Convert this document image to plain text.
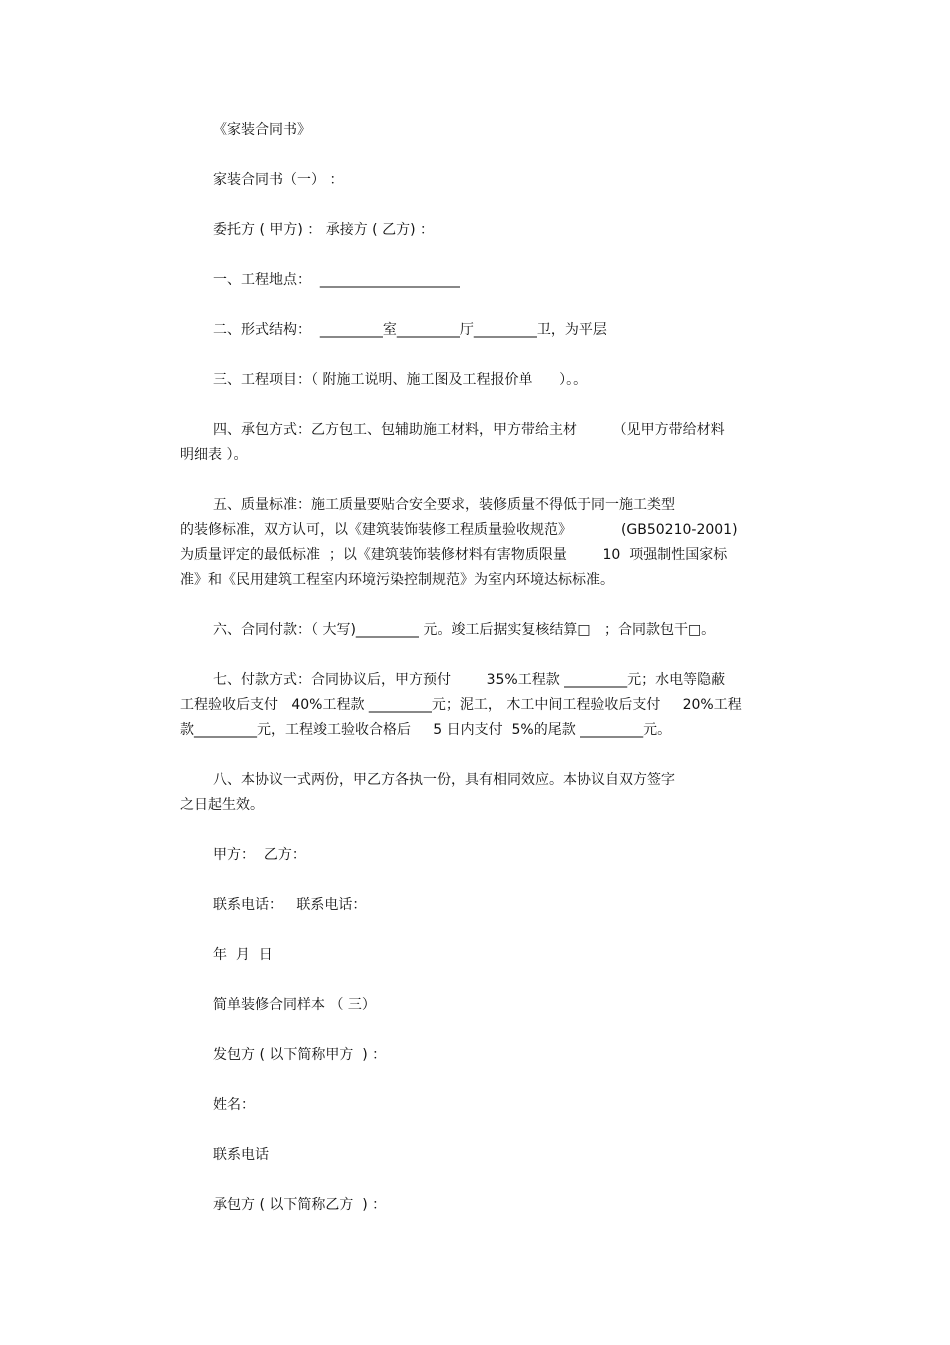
《家装合同书》
家装合同书（一） ：
委托方 ( 甲方) ： 承接方 ( 乙方) ：
一、工程地点：  ____________________
二、形式结构：  _________室_________厅_________卫，为平层
三、工程项目：（ 附施工说明、施工图及工程报价单      ）。。
四、承包方式：乙方包工、包辅助施工材料，甲方带给主材        （见甲方带给材料
明细表 ）。
五、质量标准：施工质量要贴合安全要求，装修质量不得低于同一施工类型
的装修标准，双方认可，以《建筑装饰装修工程质量验收规范》           (GB50210-2001)
为质量评定的最低标准  ；以《建筑装饰装修材料有害物质限量        10  项强制性国家标
准》和《民用建筑工程室内环境污染控制规范》为室内环境达标标准。
六、合同付款：（ 大写)_________ 元。竣工后据实复核结算□   ；合同款包干□。
七、付款方式：合同协议后，甲方预付        35%工程款 _________元；水电等隐蔽
工程验收后支付   40%工程款 _________元；泥工， 木工中间工程验收后支付     20%工程
款_________元，工程竣工验收合格后     5 日内支付  5%的尾款 _________元。
八、本协议一式两份，甲乙方各执一份，具有相同效应。本协议自双方签字
之日起生效。
甲方：  乙方：
联系电话：   联系电话：
年  月  日
简单装修合同样本 （ 三）
发包方 ( 以下简称甲方  ) ：
姓名：
联系电话
承包方 ( 以下简称乙方  ) ：
